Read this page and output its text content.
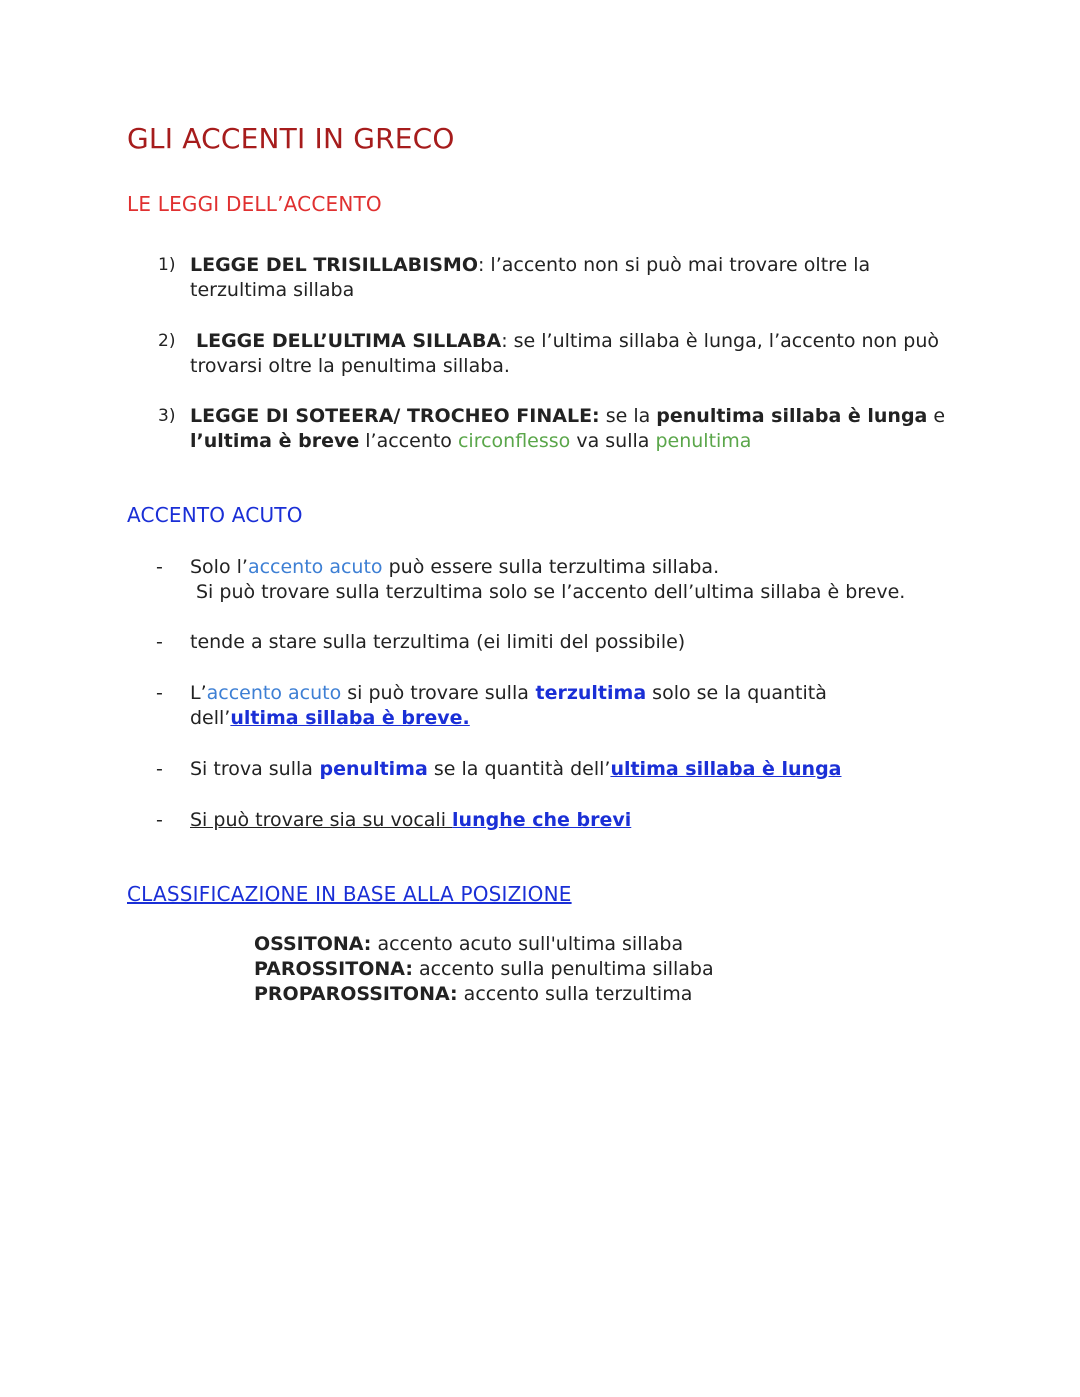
GLI ACCENTI IN GRECO
LE LEGGI DELL’ACCENTO
1) LEGGE DEL TRISILLABISMO: l’accento non si può mai trovare oltre la
terzultima sillaba
2) LEGGE DELL’ULTIMA SILLABA: se l’ultima sillaba è lunga, l’accento non può
trovarsi oltre la penultima sillaba.
3) LEGGE DI SOTEERA/ TROCHEO FINALE: se la penultima sillaba è lunga e
l’ultima è breve l’accento circonflesso va sulla penultima
ACCENTO ACUTO
- Solo l’accento acuto può essere sulla terzultima sillaba.
Si può trovare sulla terzultima solo se l’accento dell’ultima sillaba è breve.
- tende a stare sulla terzultima (ei limiti del possibile)
- L’accento acuto si può trovare sulla terzultima solo se la quantità
dell’ultima sillaba è breve.
- Si trova sulla penultima se la quantità dell’ultima sillaba è lunga
- Si può trovare sia su vocali lunghe che brevi
CLASSIFICAZIONE IN BASE ALLA POSIZIONE
OSSITONA: accento acuto sull'ultima sillaba
PAROSSITONA: accento sulla penultima sillaba
PROPAROSSITONA: accento sulla terzultima
